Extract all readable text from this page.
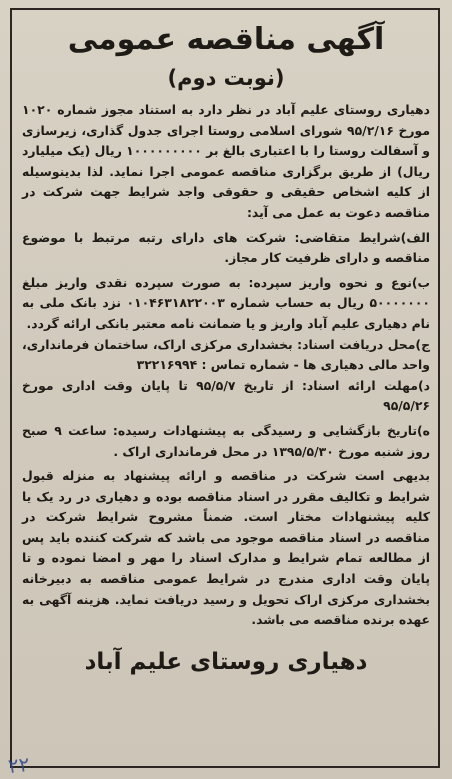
آگهی مناقصه عمومی
(نوبت دوم)
دهیاری روستای علیم آباد در نظر دارد به استناد مجوز شماره ۱۰۲۰ مورخ ۹۵/۲/۱۶ شورای اسلامی روستا اجرای جدول گذاری، زیرسازی و آسفالت روستا را با اعتباری بالغ بر ۱۰۰۰۰۰۰۰۰۰ ریال (یک میلیارد ریال) از طریق برگزاری مناقصه عمومی اجرا نماید. لذا بدینوسیله از کلیه اشخاص حقیقی و حقوقی واجد شرایط جهت شرکت در مناقصه دعوت به عمل می آید:
الف)شرایط متقاضی: شرکت های دارای رتبه مرتبط با موضوع مناقصه و دارای ظرفیت کار مجاز.
ب)نوع و نحوه واریز سپرده: به صورت سپرده نقدی واریز مبلغ ۵۰۰۰۰۰۰۰ ریال به حساب شماره ۰۱۰۴۶۳۱۸۲۲۰۰۳ نزد بانک ملی به نام دهیاری علیم آباد واریز و یا ضمانت نامه معتبر بانکی ارائه گردد.
ج)محل دریافت اسناد: بخشداری مرکزی اراک، ساختمان فرمانداری، واحد مالی دهیاری ها - شماره تماس : ۳۲۲۱۶۹۹۴
د)مهلت ارائه اسناد: از تاریخ ۹۵/۵/۷ تا پایان وقت اداری مورخ ۹۵/۵/۲۶
ه)تاریخ بازگشایی و رسیدگی به پیشنهادات رسیده: ساعت ۹ صبح روز شنبه مورخ ۱۳۹۵/۵/۳۰ در محل فرمانداری اراک .
بدیهی است شرکت در مناقصه و ارائه پیشنهاد به منزله قبول شرایط و تکالیف مقرر در اسناد مناقصه بوده و دهیاری در رد یک یا کلیه پیشنهادات مختار است. ضمناً مشروح شرایط شرکت در مناقصه در اسناد مناقصه موجود می باشد که شرکت کننده باید پس از مطالعه تمام شرایط و مدارک اسناد را مهر و امضا نموده و تا پایان وقت اداری مندرج در شرایط عمومی مناقصه به دبیرخانه بخشداری مرکزی اراک تحویل و رسید دریافت نماید. هزینه آگهی به عهده برنده مناقصه می باشد.
دهیاری روستای علیم آباد
۲۲
